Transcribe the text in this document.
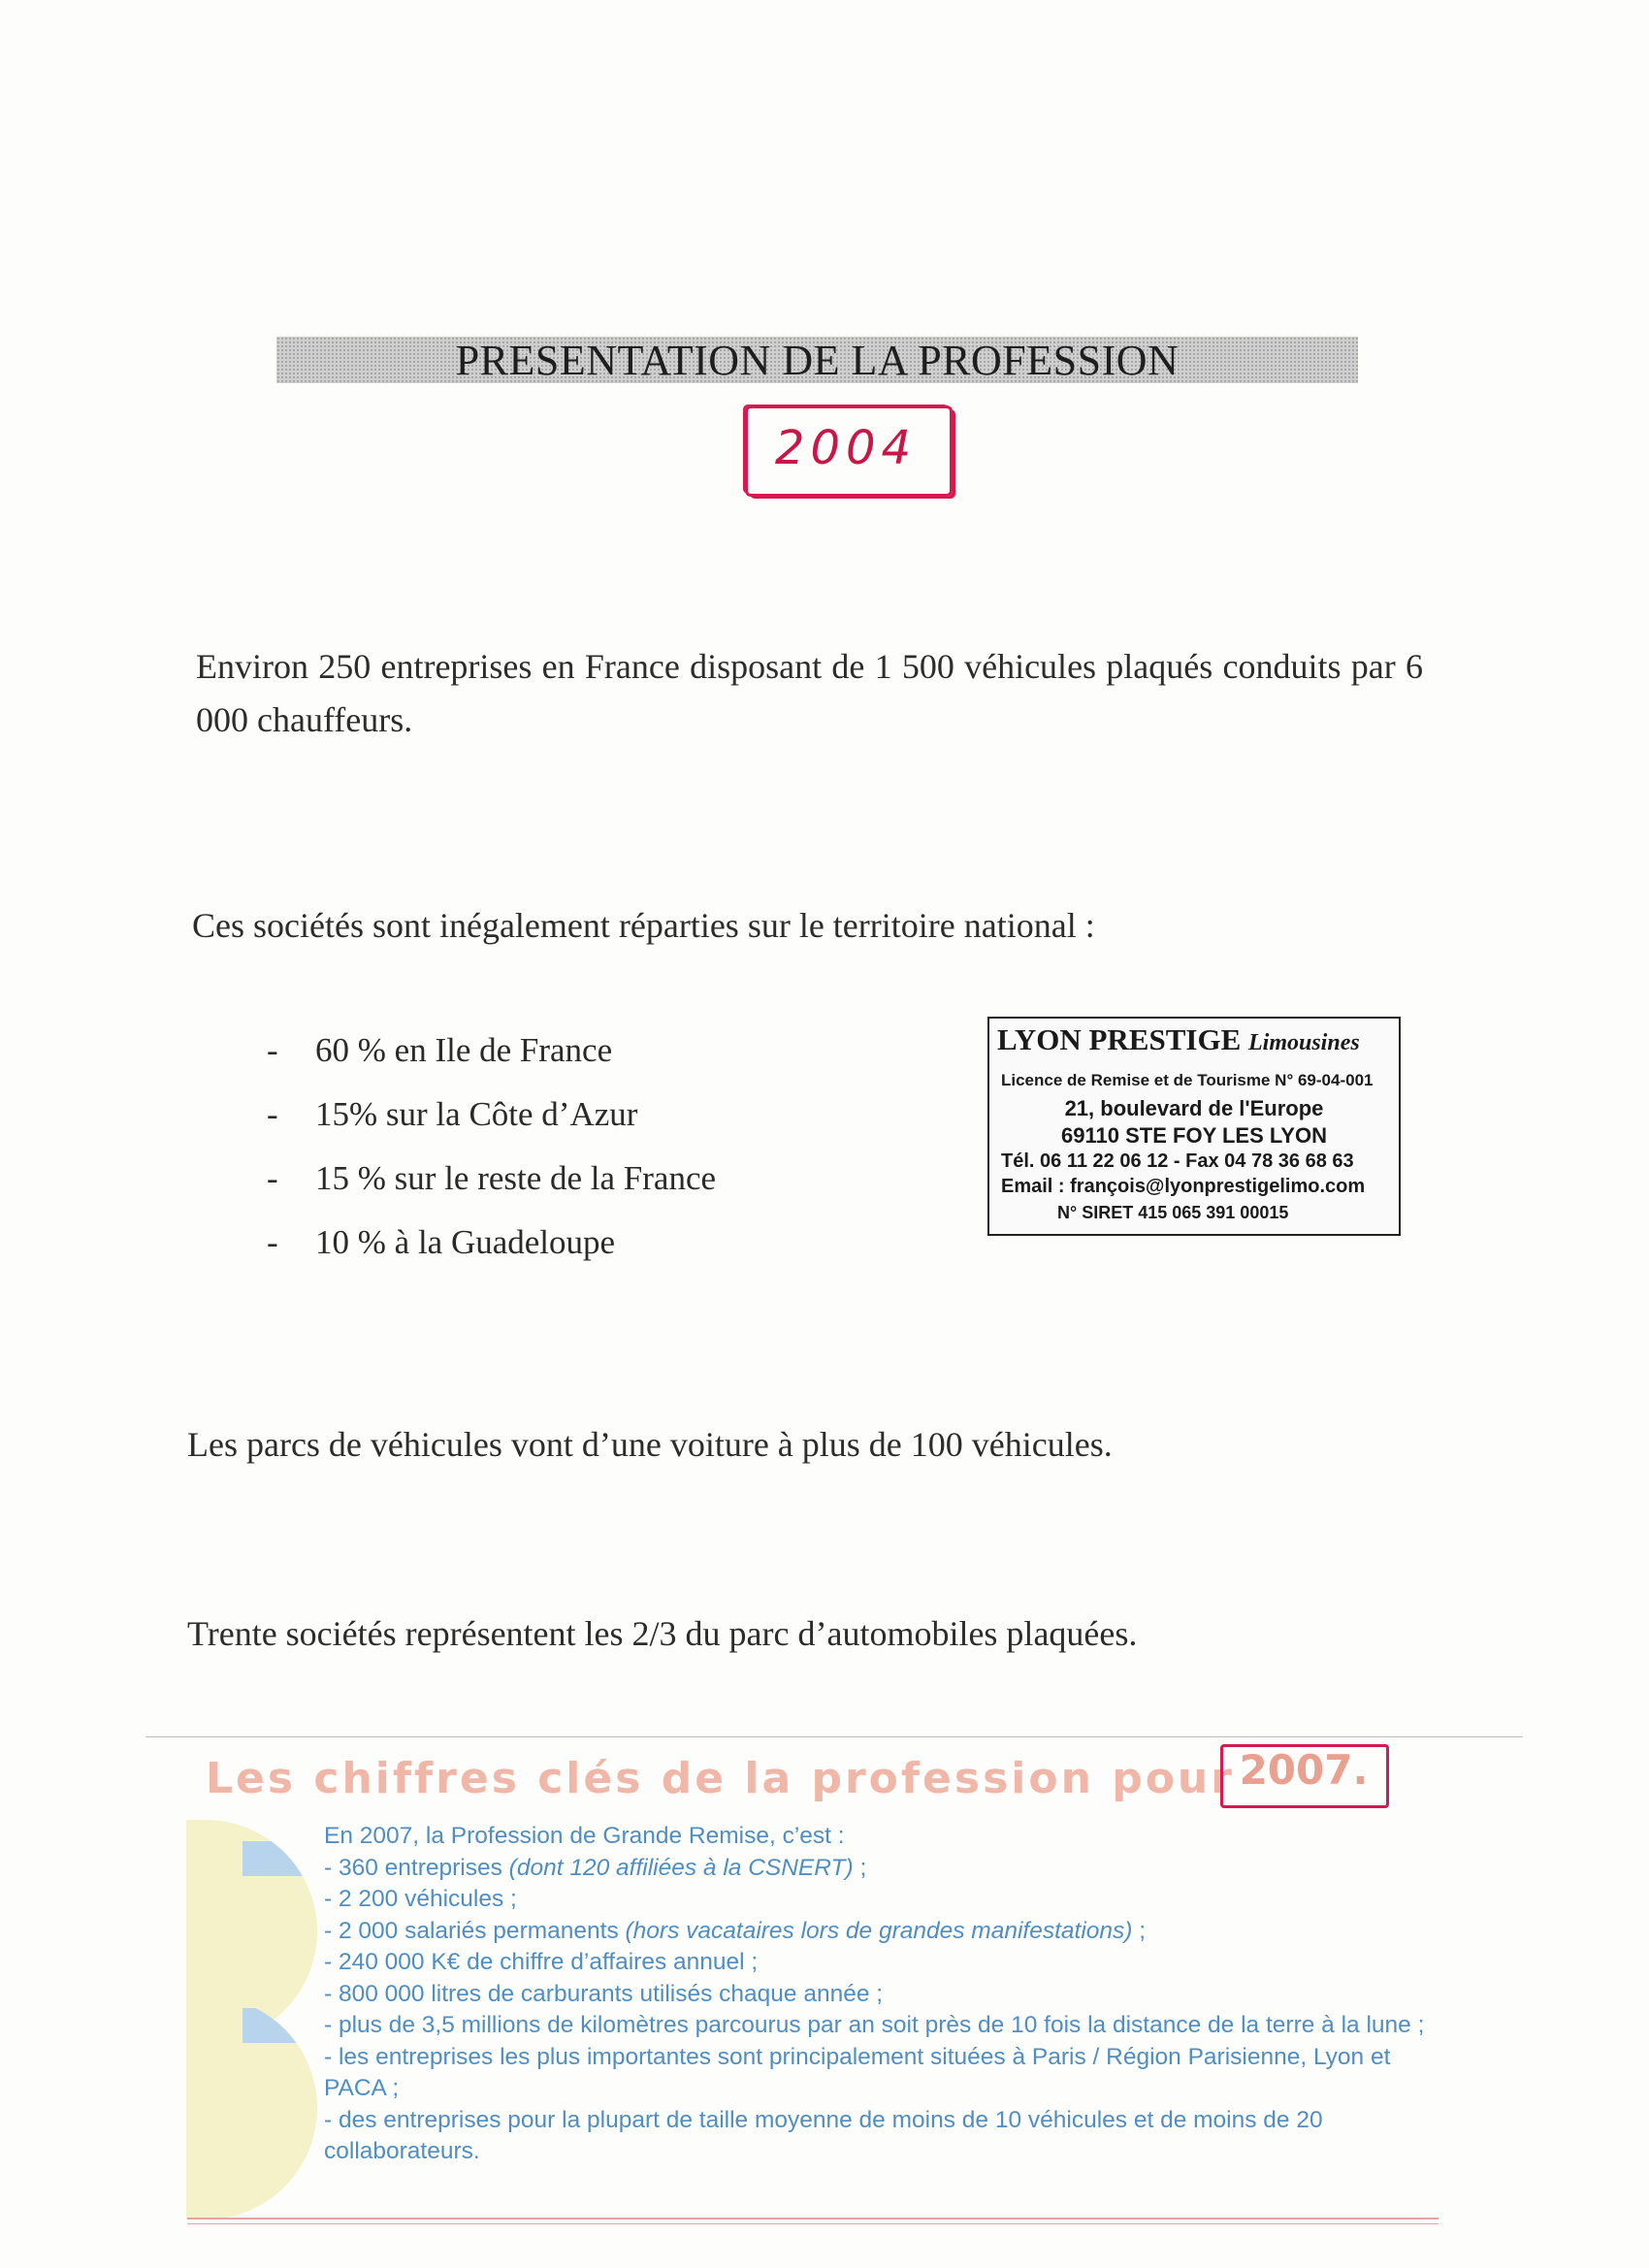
PRESENTATION DE LA PROFESSION
2004
Environ 250 entreprises en France disposant de 1 500 véhicules plaqués conduits par 6 000 chauffeurs.
Ces sociétés sont inégalement réparties sur le territoire national :
- 60 % en Ile de France
- 15% sur la Côte d’Azur
- 15 % sur le reste de la France
- 10 % à la Guadeloupe
LYON PRESTIGE Limousines
Licence de Remise et de Tourisme N° 69-04-001
21, boulevard de l'Europe
69110 STE FOY LES LYON
Tél. 06 11 22 06 12 - Fax 04 78 36 68 63
Email : françois@lyonprestigelimo.com
N° SIRET 415 065 391 00015
Les parcs de véhicules vont d’une voiture à plus de 100 véhicules.
Trente sociétés représentent les 2/3 du parc d’automobiles plaquées.
Les chiffres clés de la profession pour 2007.
En 2007, la Profession de Grande Remise, c’est :
- 360 entreprises (dont 120 affiliées à la CSNERT) ;
- 2 200 véhicules ;
- 2 000 salariés permanents (hors vacataires lors de grandes manifestations) ;
- 240 000 K€ de chiffre d’affaires annuel ;
- 800 000 litres de carburants utilisés chaque année ;
- plus de 3,5 millions de kilomètres parcourus par an soit près de 10 fois la distance de la terre à la lune ;
- les entreprises les plus importantes sont principalement situées à Paris / Région Parisienne, Lyon et PACA ;
- des entreprises pour la plupart de taille moyenne de moins de 10 véhicules et de moins de 20 collaborateurs.
